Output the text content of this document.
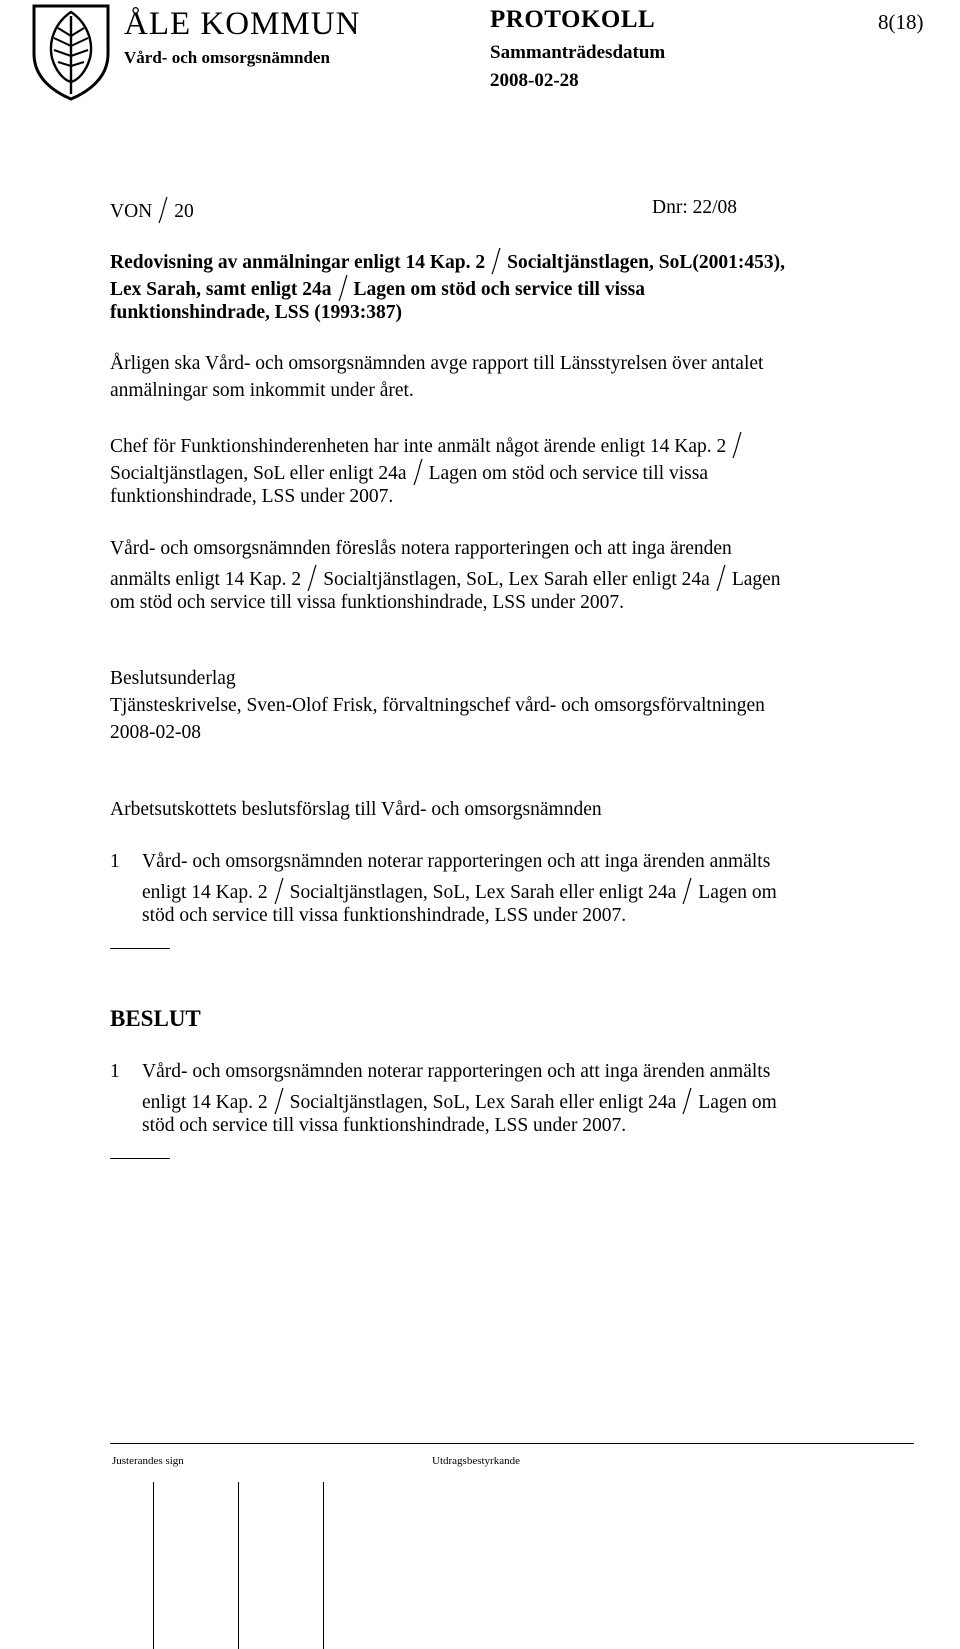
ÅLE KOMMUN
Vård- och omsorgsnämnden
PROTOKOLL
Sammanträdesdatum
2008-02-28
8(18)
VON 20	Dnr: 22/08
Redovisning av anmälningar enligt 14 Kap. 2 Socialtjänstlagen, SoL(2001:453),
Lex Sarah, samt enligt 24a Lagen om stöd och service till vissa
funktionshindrade, LSS (1993:387)
Årligen ska Vård- och omsorgsnämnden avge rapport till Länsstyrelsen över antalet
anmälningar som inkommit under året.
Chef för Funktionshinderenheten har inte anmält något ärende enligt 14 Kap. 2
Socialtjänstlagen, SoL eller enligt 24a Lagen om stöd och service till vissa
funktionshindrade, LSS under 2007.
Vård- och omsorgsnämnden föreslås notera rapporteringen och att inga ärenden
anmälts enligt 14 Kap. 2 Socialtjänstlagen, SoL, Lex Sarah eller enligt 24a Lagen
om stöd och service till vissa funktionshindrade, LSS under 2007.
Beslutsunderlag
Tjänsteskrivelse, Sven-Olof Frisk, förvaltningschef vård- och omsorgsförvaltningen
2008-02-08
Arbetsutskottets beslutsförslag till Vård- och omsorgsnämnden
1 Vård- och omsorgsnämnden noterar rapporteringen och att inga ärenden anmälts
enligt 14 Kap. 2 Socialtjänstlagen, SoL, Lex Sarah eller enligt 24a Lagen om
stöd och service till vissa funktionshindrade, LSS under 2007.
BESLUT
1 Vård- och omsorgsnämnden noterar rapporteringen och att inga ärenden anmälts
enligt 14 Kap. 2 Socialtjänstlagen, SoL, Lex Sarah eller enligt 24a Lagen om
stöd och service till vissa funktionshindrade, LSS under 2007.
Justerandes sign	Utdragsbestyrkande
